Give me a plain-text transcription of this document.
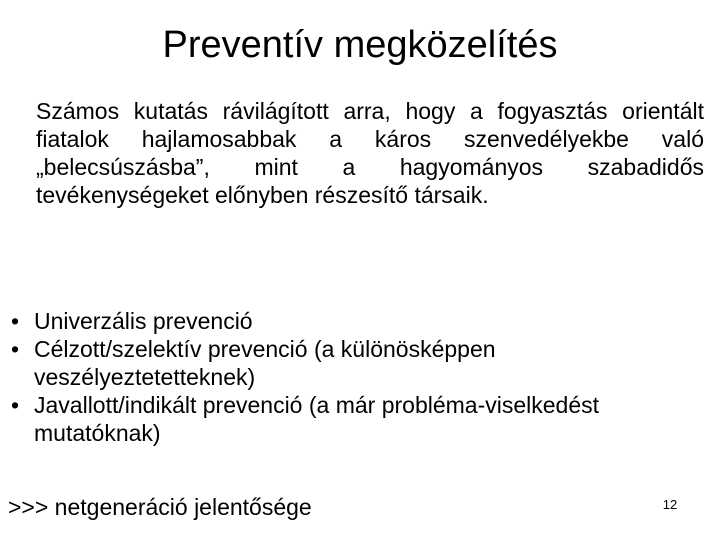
Preventív megközelítés

Számos kutatás rávilágított arra, hogy a fogyasztás orientált fiatalok hajlamosabbak a káros szenvedélyekbe való „belecsúszásba”, mint a hagyományos szabadidős tevékenységeket előnyben részesítő társaik.

• Univerzális prevenció
• Célzott/szelektív prevenció (a különösképpen veszélyeztetetteknek)
• Javallott/indikált prevenció (a már probléma-viselkedést mutatóknak)

>>> netgeneráció jelentősége	12
